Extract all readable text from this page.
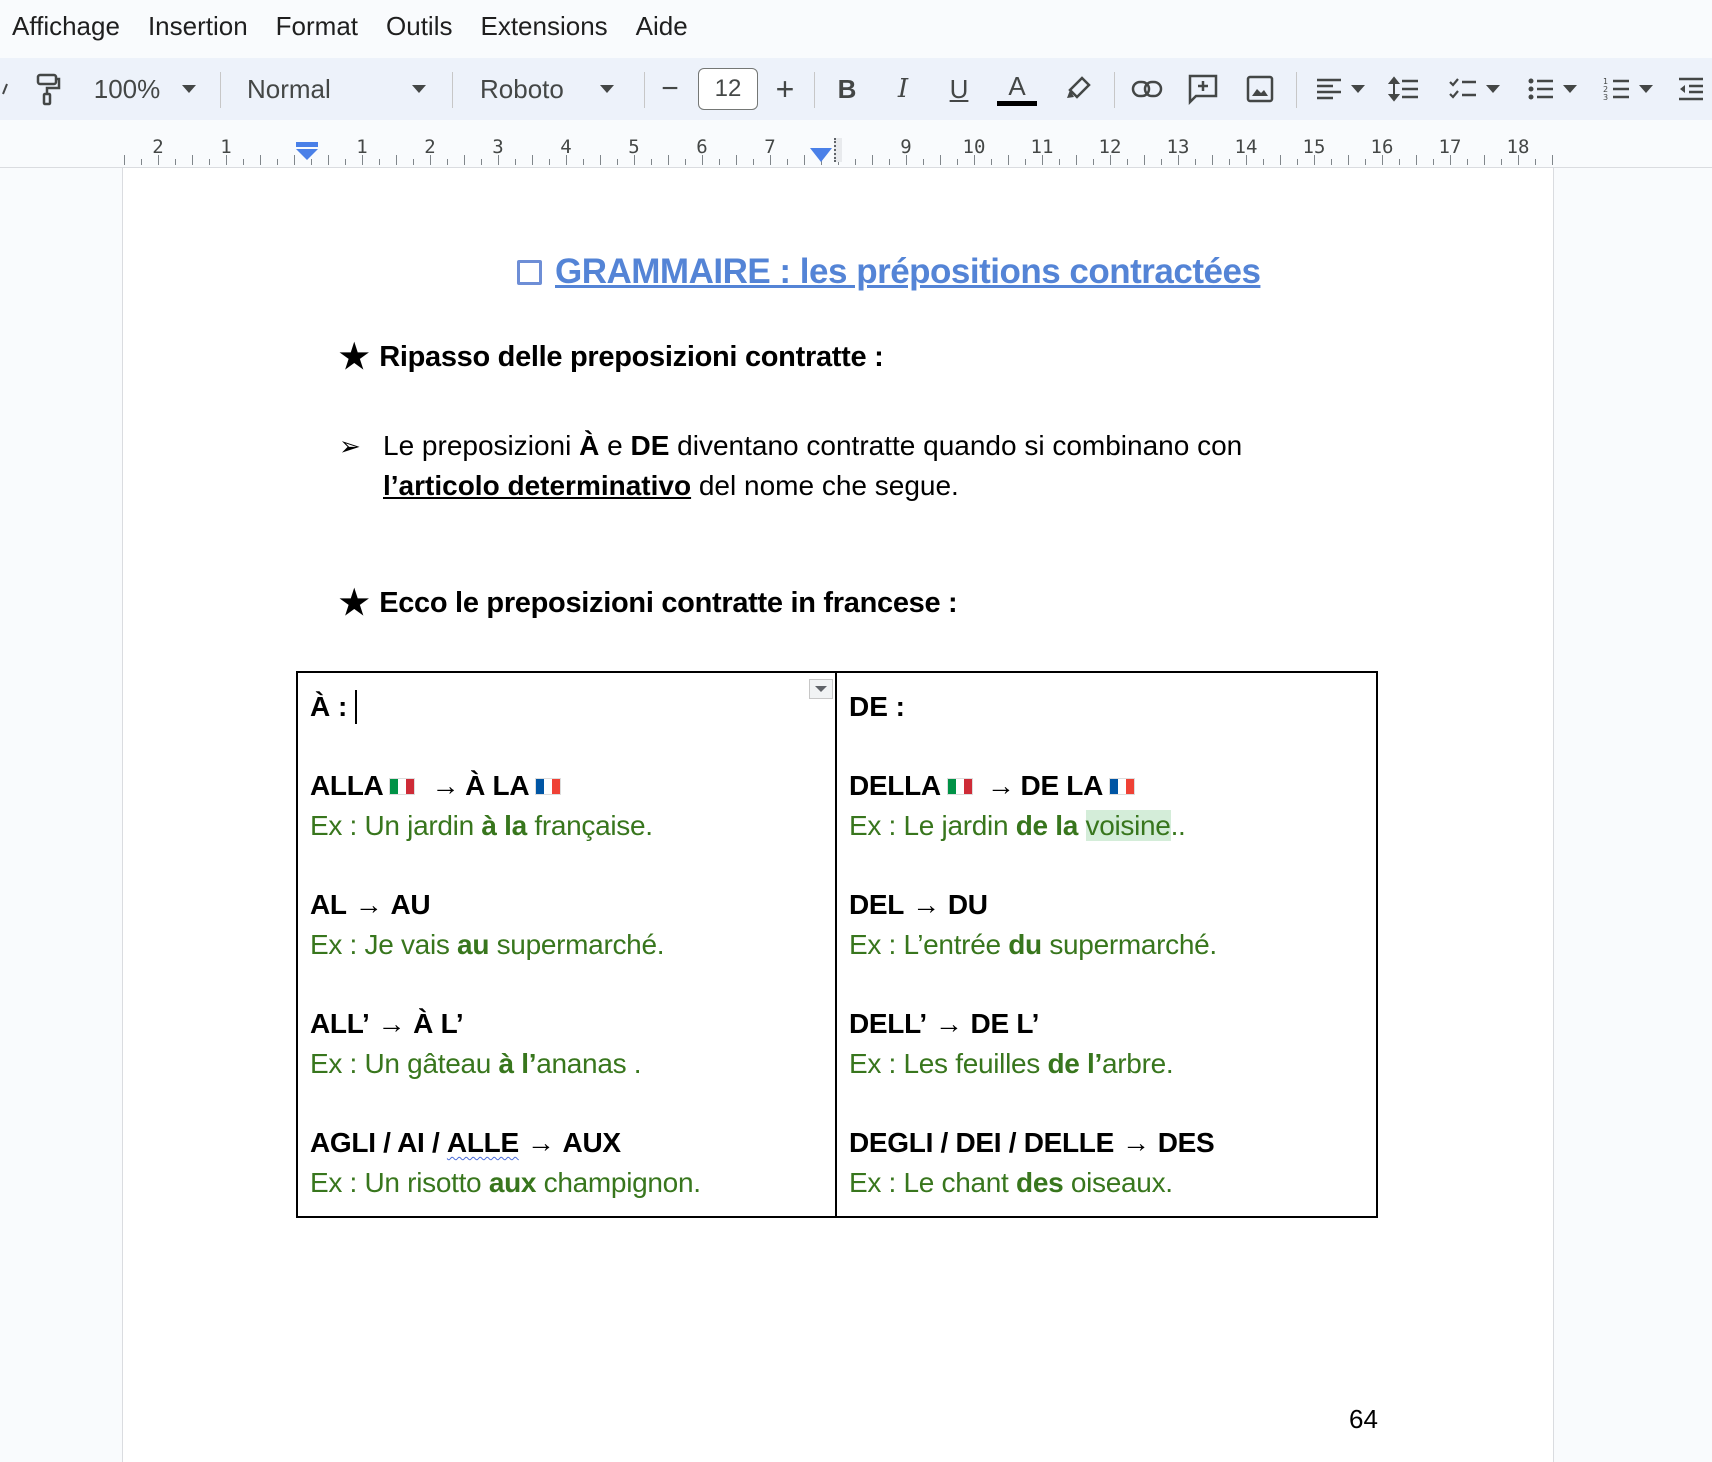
Affichage Insertion Format Outils Extensions Aide
100%	Normal	Roboto	−	12	+ B	I	U A	1
2
3
2	1	1	2	3	4	5	6	7	9	10 11 12 13 14 15 16 17 18
GRAMMAIRE : les prépositions contractées
★ Ripasso delle preposizioni contratte :
➢ Le preposizioni À e DE diventano contratte quando si combinano con
l’articolo determinativo del nome che segue.
★ Ecco le preposizioni contratte in francese :
À :
ALLA → À LA
Ex : Un jardin à la française.
AL → AU
Ex : Je vais au supermarché.
ALL’ → À L’
Ex : Un gâteau à l’ananas .
AGLI / AI / ALLE → AUX
Ex : Un risotto aux champignon.
DE :
DELLA → DE LA
Ex : Le jardin de la voisine..
DEL → DU
Ex : L’entrée du supermarché.
DELL’ → DE L’
Ex : Les feuilles de l’arbre.
DEGLI / DEI / DELLE → DES
Ex : Le chant des oiseaux.
64
